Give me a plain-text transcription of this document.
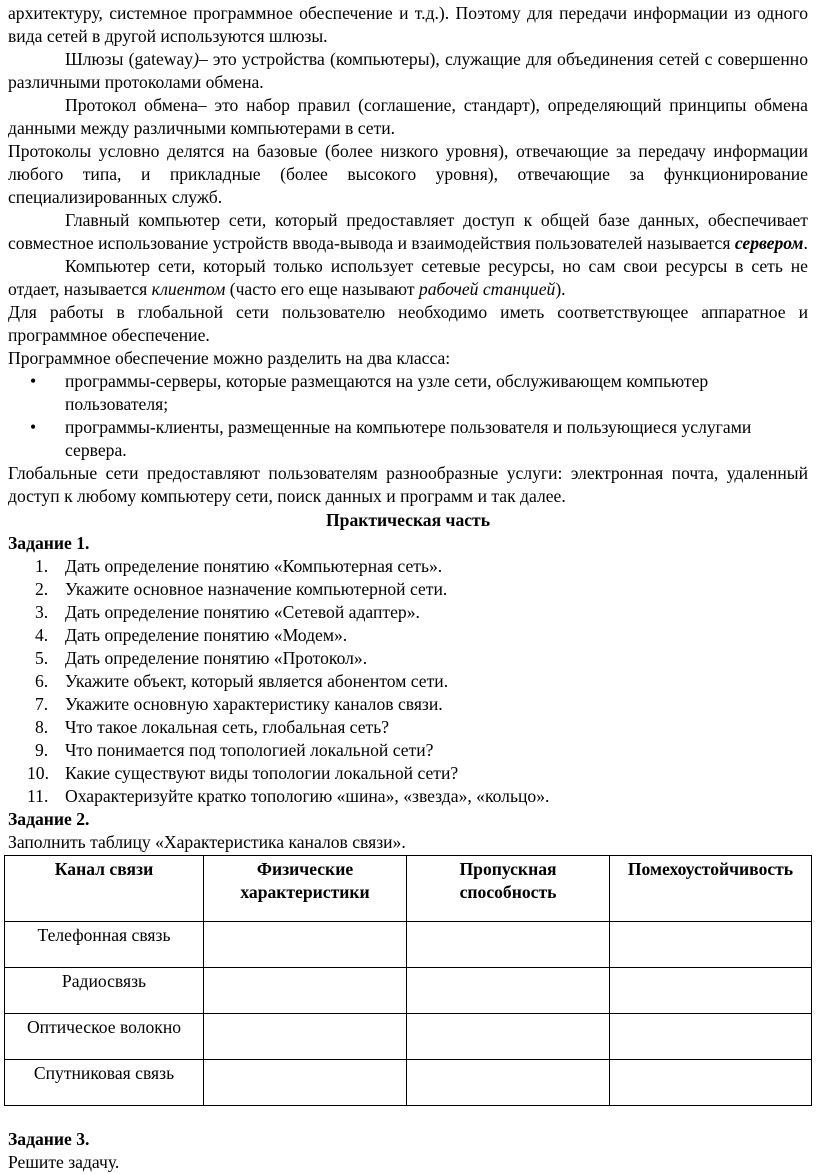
архитектуру, системное программное обеспечение и т.д.). Поэтому для передачи информации из одного вида сетей в другой используются шлюзы.

Шлюзы (gateway)– это устройства (компьютеры), служащие для объединения сетей с совершенно различными протоколами обмена.

Протокол обмена– это набор правил (соглашение, стандарт), определяющий принципы обмена данными между различными компьютерами в сети.

Протоколы условно делятся на базовые (более низкого уровня), отвечающие за передачу информации любого типа, и прикладные (более высокого уровня), отвечающие за функционирование специализированных служб.

Главный компьютер сети, который предоставляет доступ к общей базе данных, обеспечивает совместное использование устройств ввода-вывода и взаимодействия пользователей называется сервером.

Компьютер сети, который только использует сетевые ресурсы, но сам свои ресурсы в сеть не отдает, называется клиентом (часто его еще называют рабочей станцией).

Для работы в глобальной сети пользователю необходимо иметь соответствующее аппаратное и программное обеспечение.

Программное обеспечение можно разделить на два класса:

• программы-серверы, которые размещаются на узле сети, обслуживающем компьютер пользователя;
• программы-клиенты, размещенные на компьютере пользователя и пользующиеся услугами сервера.

Глобальные сети предоставляют пользователям разнообразные услуги: электронная почта, удаленный доступ к любому компьютеру сети, поиск данных и программ и так далее.

Практическая часть
Задание 1.
1. Дать определение понятию «Компьютерная сеть».
2. Укажите основное назначение компьютерной сети.
3. Дать определение понятию «Сетевой адаптер».
4. Дать определение понятию «Модем».
5. Дать определение понятию «Протокол».
6. Укажите объект, который является абонентом сети.
7. Укажите основную характеристику каналов связи.
8. Что такое локальная сеть, глобальная сеть?
9. Что понимается под топологией локальной сети?
10. Какие существуют виды топологии локальной сети?
11. Охарактеризуйте кратко топологию «шина», «звезда», «кольцо».
Задание 2.

Заполнить таблицу «Характеристика каналов связи».

Канал связи	Физические характеристики	Пропускная способность	Помехоустойчивость
Телефонная связь			
Радиосвязь			
Оптическое волокно			
Спутниковая связь			
Задание 3.

Решите задачу.
